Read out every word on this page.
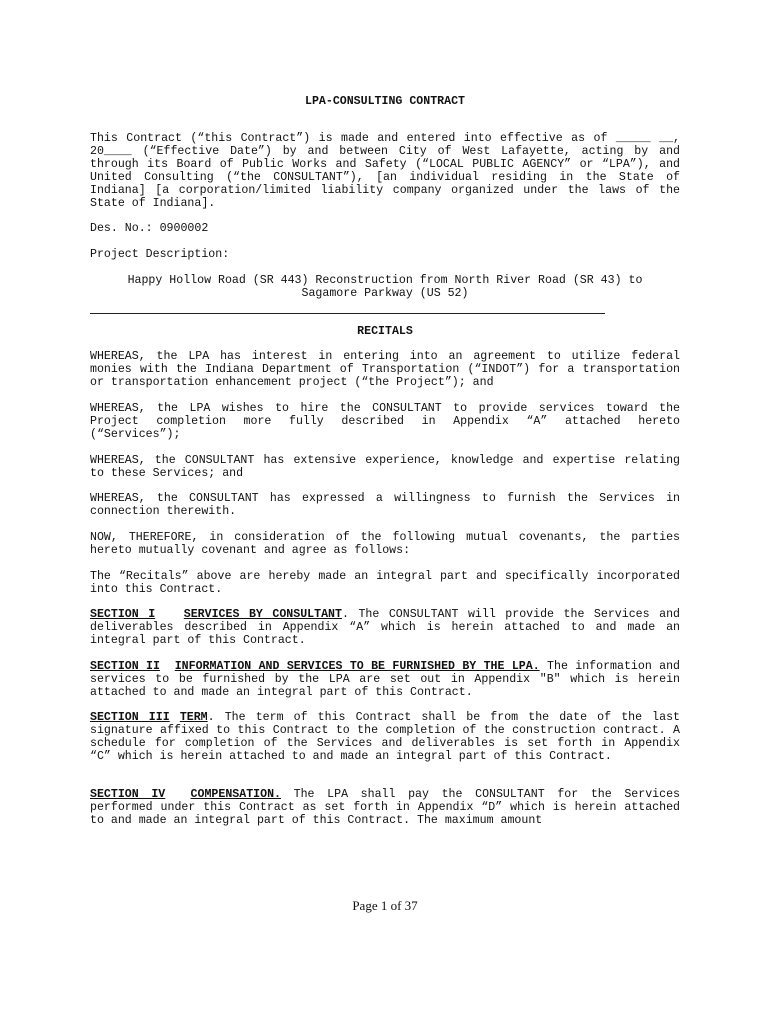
LPA-CONSULTING CONTRACT

This Contract (“this Contract”) is made and entered into effective as of _____ __, 20____ (“Effective Date”) by and between City of West Lafayette, acting by and through its Board of Public Works and Safety (“LOCAL PUBLIC AGENCY” or “LPA”), and United Consulting (“the CONSULTANT”), [an individual residing in the State of Indiana] [a corporation/limited liability company organized under the laws of the State of Indiana].

Des. No.: 0900002

Project Description:

Happy Hollow Road (SR 443) Reconstruction from North River Road (SR 43) to

Sagamore Parkway (US 52)

RECITALS

WHEREAS, the LPA has interest in entering into an agreement to utilize federal monies with the Indiana Department of Transportation (“INDOT”) for a transportation or transportation enhancement project (“the Project”); and

WHEREAS, the LPA wishes to hire the CONSULTANT to provide services toward the Project completion more fully described in Appendix “A” attached hereto (“Services”);

WHEREAS, the CONSULTANT has extensive experience, knowledge and expertise relating to these Services; and

WHEREAS, the CONSULTANT has expressed a willingness to furnish the Services in connection therewith.

NOW, THEREFORE, in consideration of the following mutual covenants, the parties hereto mutually covenant and agree as follows:

The “Recitals” above are hereby made an integral part and specifically incorporated into this Contract.

SECTION I SERVICES BY CONSULTANT. The CONSULTANT will provide the Services and deliverables described in Appendix “A” which is herein attached to and made an integral part of this Contract.

SECTION II INFORMATION AND SERVICES TO BE FURNISHED BY THE LPA. The information and services to be furnished by the LPA are set out in Appendix "B" which is herein attached to and made an integral part of this Contract.

SECTION III TERM. The term of this Contract shall be from the date of the last signature affixed to this Contract to the completion of the construction contract. A schedule for completion of the Services and deliverables is set forth in Appendix “C” which is herein attached to and made an integral part of this Contract.

SECTION IV COMPENSATION. The LPA shall pay the CONSULTANT for the Services performed under this Contract as set forth in Appendix “D” which is herein attached to and made an integral part of this Contract. The maximum amount

Page 1 of 37
